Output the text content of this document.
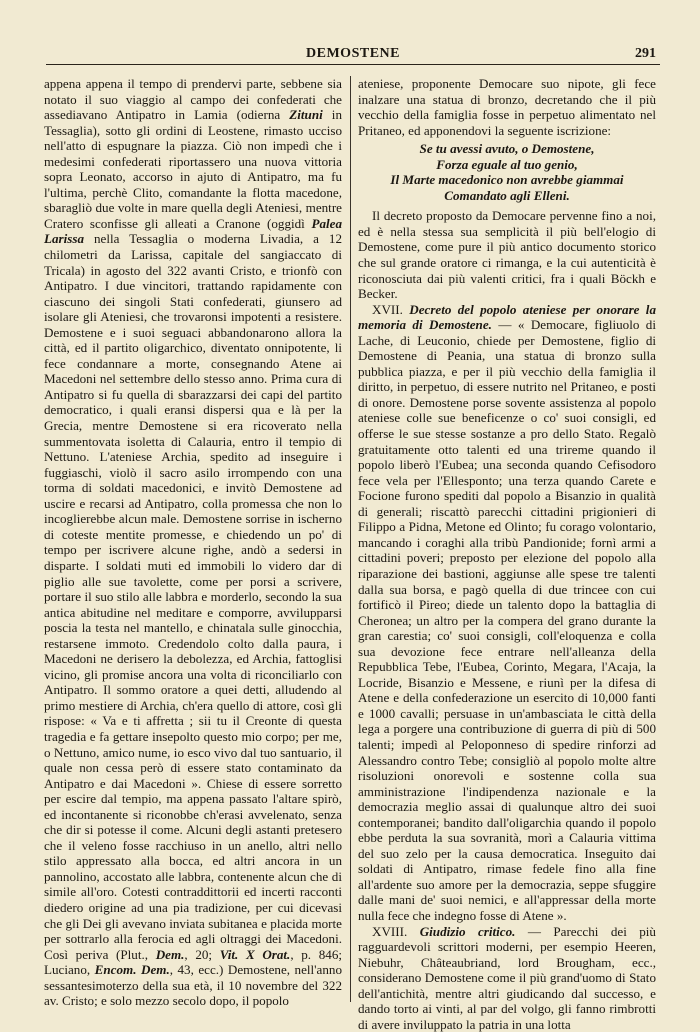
DEMOSTENE	291

appena appena il tempo di prendervi parte, sebbene sia notato il suo viaggio al campo dei confederati che assediavano Antipatro in Lamia (odierna Zituni in Tessaglia), sotto gli ordini di Leostene, rimasto ucciso nell'atto di espugnare la piazza. Ciò non impedì che i medesimi confederati riportassero una nuova vittoria sopra Leonato, accorso in ajuto di Antipatro, ma fu l'ultima, perchè Clito, comandante la flotta macedone, sbaragliò due volte in mare quella degli Ateniesi, mentre Cratero sconfisse gli alleati a Cranone (oggidì Palea Larissa nella Tessaglia o moderna Livadia, a 12 chilometri da Larissa, capitale del sangiaccato di Tricala) in agosto del 322 avanti Cristo, e trionfò con Antipatro. I due vincitori, trattando rapidamente con ciascuno dei singoli Stati confederati, giunsero ad isolare gli Ateniesi, che trovaronsi impotenti a resistere. Demostene e i suoi seguaci abbandonarono allora la città, ed il partito oligarchico, diventato onnipotente, li fece condannare a morte, consegnando Atene ai Macedoni nel settembre dello stesso anno. Prima cura di Antipatro si fu quella di sbarazzarsi dei capi del partito democratico, i quali eransi dispersi qua e là per la Grecia, mentre Demostene si era ricoverato nella summentovata isoletta di Calauria, entro il tempio di Nettuno. L'ateniese Archia, spedito ad inseguire i fuggiaschi, violò il sacro asilo irrompendo con una torma di soldati macedonici, e invitò Demostene ad uscire e recarsi ad Antipatro, colla promessa che non lo incoglierebbe alcun male. Demostene sorrise in ischerno di coteste mentite promesse, e chiedendo un po' di tempo per iscrivere alcune righe, andò a sedersi in disparte. I soldati muti ed immobili lo videro dar di piglio alle sue tavolette, come per porsi a scrivere, portare il suo stilo alle labbra e morderlo, secondo la sua antica abitudine nel meditare e comporre, avvilupparsi poscia la testa nel mantello, e chinatala sulle ginocchia, restarsene immoto. Credendolo colto dalla paura, i Macedoni ne derisero la debolezza, ed Archia, fattoglisi vicino, gli promise ancora una volta di riconciliarlo con Antipatro. Il sommo oratore a quei detti, alludendo al primo mestiere di Archia, ch'era quello di attore, così gli rispose: « Va e ti affretta ; sii tu il Creonte di questa tragedia e fa gettare insepolto questo mio corpo; per me, o Nettuno, amico nume, io esco vivo dal tuo santuario, il quale non cessa però di essere stato contaminato da Antipatro e dai Macedoni ». Chiese di essere sorretto per escire dal tempio, ma appena passato l'altare spirò, ed incontanente si riconobbe ch'erasi avvelenato, senza che dir si potesse il come. Alcuni degli astanti pretesero che il veleno fosse racchiuso in un anello, altri nello stilo appressato alla bocca, ed altri ancora in un pannolino, accostato alle labbra, contenente alcun che di simile all'oro. Cotesti contraddittorii ed incerti racconti diedero origine ad una pia tradizione, per cui dicevasi che gli Dei gli avevano inviata subitanea e placida morte per sottrarlo alla ferocia ed agli oltraggi dei Macedoni. Così periva (Plut., Dem., 20; Vit. X Orat., p. 846; Luciano, Encom. Dem., 43, ecc.) Demostene, nell'anno sessantesimoterzo della sua età, il 10 novembre del 322 av. Cristo; e solo mezzo secolo dopo, il popolo

ateniese, proponente Democare suo nipote, gli fece inalzare una statua di bronzo, decretando che il più vecchio della famiglia fosse in perpetuo alimentato nel Pritaneo, ed apponendovi la seguente iscrizione:

Se tu avessi avuto, o Demostene,
Forza eguale al tuo genio,
Il Marte macedonico non avrebbe giammai
Comandato agli Elleni.

Il decreto proposto da Democare pervenne fino a noi, ed è nella stessa sua semplicità il più bell'elogio di Demostene, come pure il più antico documento storico che sul grande oratore ci rimanga, e la cui autenticità è riconosciuta dai più valenti critici, fra i quali Böckh e Becker.

XVII. Decreto del popolo ateniese per onorare la memoria di Demostene. — « Democare, figliuolo di Lache, di Leuconio, chiede per Demostene, figlio di Demostene di Peania, una statua di bronzo sulla pubblica piazza, e per il più vecchio della famiglia il diritto, in perpetuo, di essere nutrito nel Pritaneo, e posti di onore. Demostene porse sovente assistenza al popolo ateniese colle sue beneficenze o co' suoi consigli, ed offerse le sue stesse sostanze a pro dello Stato. Regalò gratuitamente otto talenti ed una trireme quando il popolo liberò l'Eubea; una seconda quando Cefisodoro fece vela per l'Ellesponto; una terza quando Carete e Focione furono spediti dal popolo a Bisanzio in qualità di generali; riscattò parecchi cittadini prigionieri di Filippo a Pidna, Metone ed Olinto; fu corago volontario, mancando i coraghi alla tribù Pandionide; fornì armi a cittadini poveri; preposto per elezione del popolo alla riparazione dei bastioni, aggiunse alle spese tre talenti dalla sua borsa, e pagò quella di due trincee con cui fortificò il Pireo; diede un talento dopo la battaglia di Cheronea; un altro per la compera del grano durante la gran carestia; co' suoi consigli, coll'eloquenza e colla sua devozione fece entrare nell'alleanza della Repubblica Tebe, l'Eubea, Corinto, Megara, l'Acaja, la Locride, Bisanzio e Messene, e riunì per la difesa di Atene e della confederazione un esercito di 10,000 fanti e 1000 cavalli; persuase in un'ambasciata le città della lega a porgere una contribuzione di guerra di più di 500 talenti; impedì al Peloponneso di spedire rinforzi ad Alessandro contro Tebe; consigliò al popolo molte altre risoluzioni onorevoli e sostenne colla sua amministrazione l'indipendenza nazionale e la democrazia meglio assai di qualunque altro dei suoi contemporanei; bandito dall'oligarchia quando il popolo ebbe perduta la sua sovranità, morì a Calauria vittima del suo zelo per la causa democratica. Inseguito dai soldati di Antipatro, rimase fedele fino alla fine all'ardente suo amore per la democrazia, seppe sfuggire dalle mani de' suoi nemici, e all'appressar della morte nulla fece che indegno fosse di Atene ».

XVIII. Giudizio critico. — Parecchi dei più ragguardevoli scrittori moderni, per esempio Heeren, Niebuhr, Châteaubriand, lord Brougham, ecc., considerano Demostene come il più grand'uomo di Stato dell'antichità, mentre altri giudicando dal successo, e dando torto ai vinti, al par del volgo, gli fanno rimbrotti di avere inviluppato la patria in una lotta
